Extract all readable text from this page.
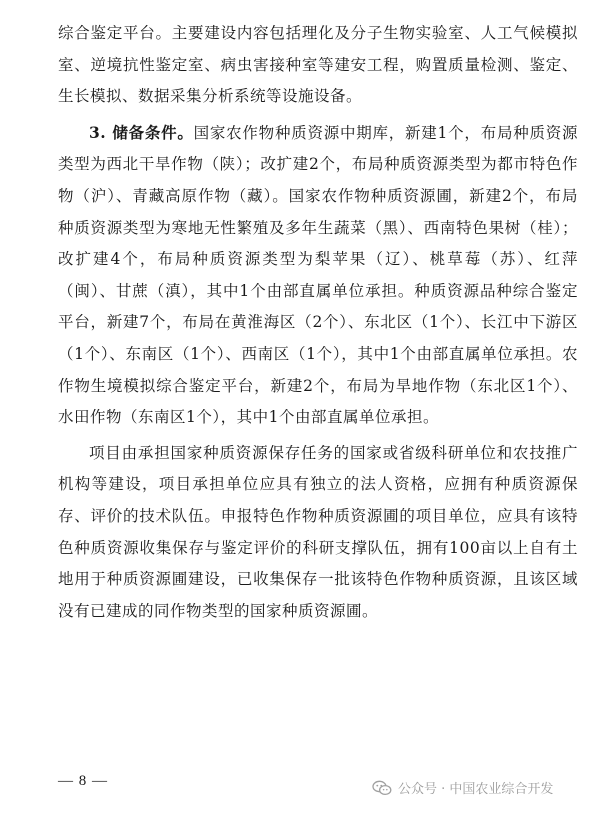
综合鉴定平台。主要建设内容包括理化及分子生物实验室、人工气候模拟室、逆境抗性鉴定室、病虫害接种室等建安工程，购置质量检测、鉴定、生长模拟、数据采集分析系统等设施设备。

3. 储备条件。国家农作物种质资源中期库，新建1个，布局种质资源类型为西北干旱作物（陕）；改扩建2个，布局种质资源类型为都市特色作物（沪）、青藏高原作物（藏）。国家农作物种质资源圃，新建2个，布局种质资源类型为寒地无性繁殖及多年生蔬菜（黑）、西南特色果树（桂）；改扩建4个，布局种质资源类型为梨苹果（辽）、桃草莓（苏）、红萍（闽）、甘蔗（滇），其中1个由部直属单位承担。种质资源品种综合鉴定平台，新建7个，布局在黄淮海区（2个）、东北区（1个）、长江中下游区（1个）、东南区（1个）、西南区（1个），其中1个由部直属单位承担。农作物生境模拟综合鉴定平台，新建2个，布局为旱地作物（东北区1个）、水田作物（东南区1个），其中1个由部直属单位承担。

项目由承担国家种质资源保存任务的国家或省级科研单位和农技推广机构等建设，项目承担单位应具有独立的法人资格，应拥有种质资源保存、评价的技术队伍。申报特色作物种质资源圃的项目单位，应具有该特色种质资源收集保存与鉴定评价的科研支撑队伍，拥有100亩以上自有土地用于种质资源圃建设，已收集保存一批该特色作物种质资源，且该区域没有已建成的同作物类型的国家种质资源圃。

— 8 —
公众号 · 中国农业综合开发
